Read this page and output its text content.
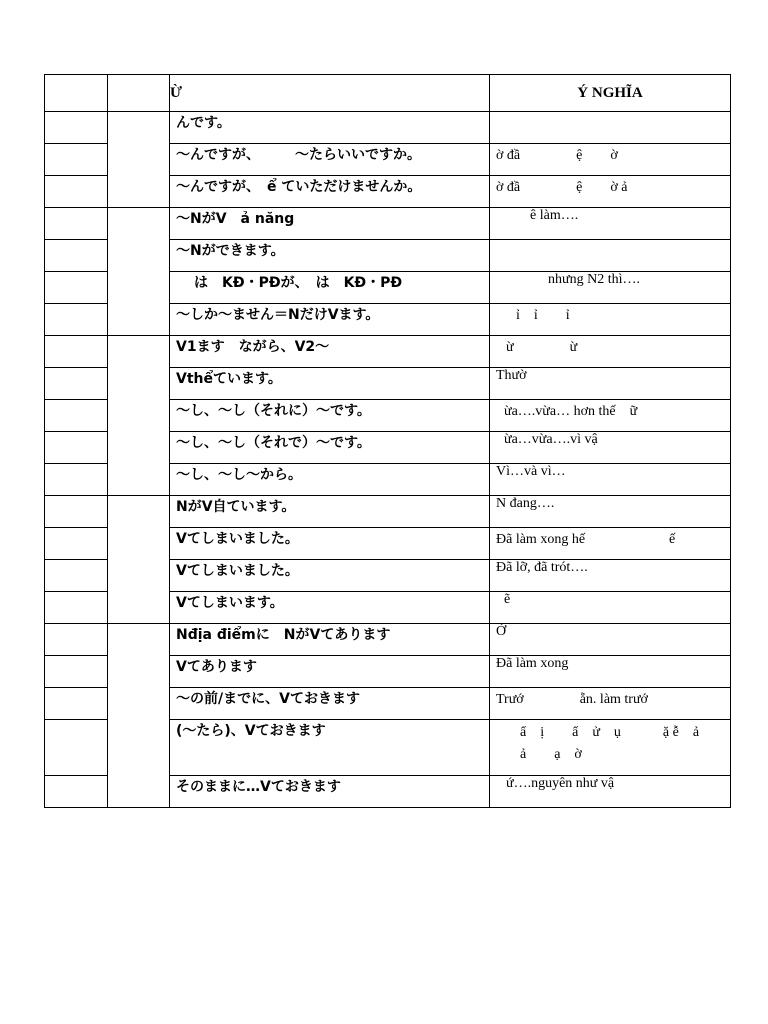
		Ừ	Ý NGHĨA
		んです。	
		～んですが、　　　～たらいいですか。	ờ đầ　　　　ệ　　ờ
		～んですが、　ể ていただけませんか。	ờ đầ　　　　ệ　　ờ ả
		～NがV　ả năng	ê làm….
		～Nができます。	
		は　KĐ・PĐが、　は　KĐ・PĐ	nhưng N2 thì….
		～しか～ません＝NだけVます。	ỉ　ỉ　　ỉ
		V1ます　ながら、V2～	ừ　　　　ừ
		Vthểています。	Thườ
		～し、～し（それに）～です。	ừa….vừa… hơn thế　ữ
		～し、～し（それで）～です。	ừa…vừa….vì vậ
		～し、～し～から。	Vì…và vì…
		NがV自ています。	N đang….
		Vてしまいました。	Đã làm xong hế　　　　　　ế
		Vてしまいました。	Đã lỡ, đã trót….
		Vてしまいます。	ẽ
		Nđịa điểmに　NがVてあります	Ở
		Vてあります	Đã làm xong
		～の前/までに、Vておきます	Trướ　　　　ẵn. làm trướ
		(～たら)、Vておきます	ẩ　ị　　ẩ　ử　ụ　　　ặ ễ　ả　　ả　　ạ　ờ
		そのままに…Vておきます	ứ….nguyên như vậ
